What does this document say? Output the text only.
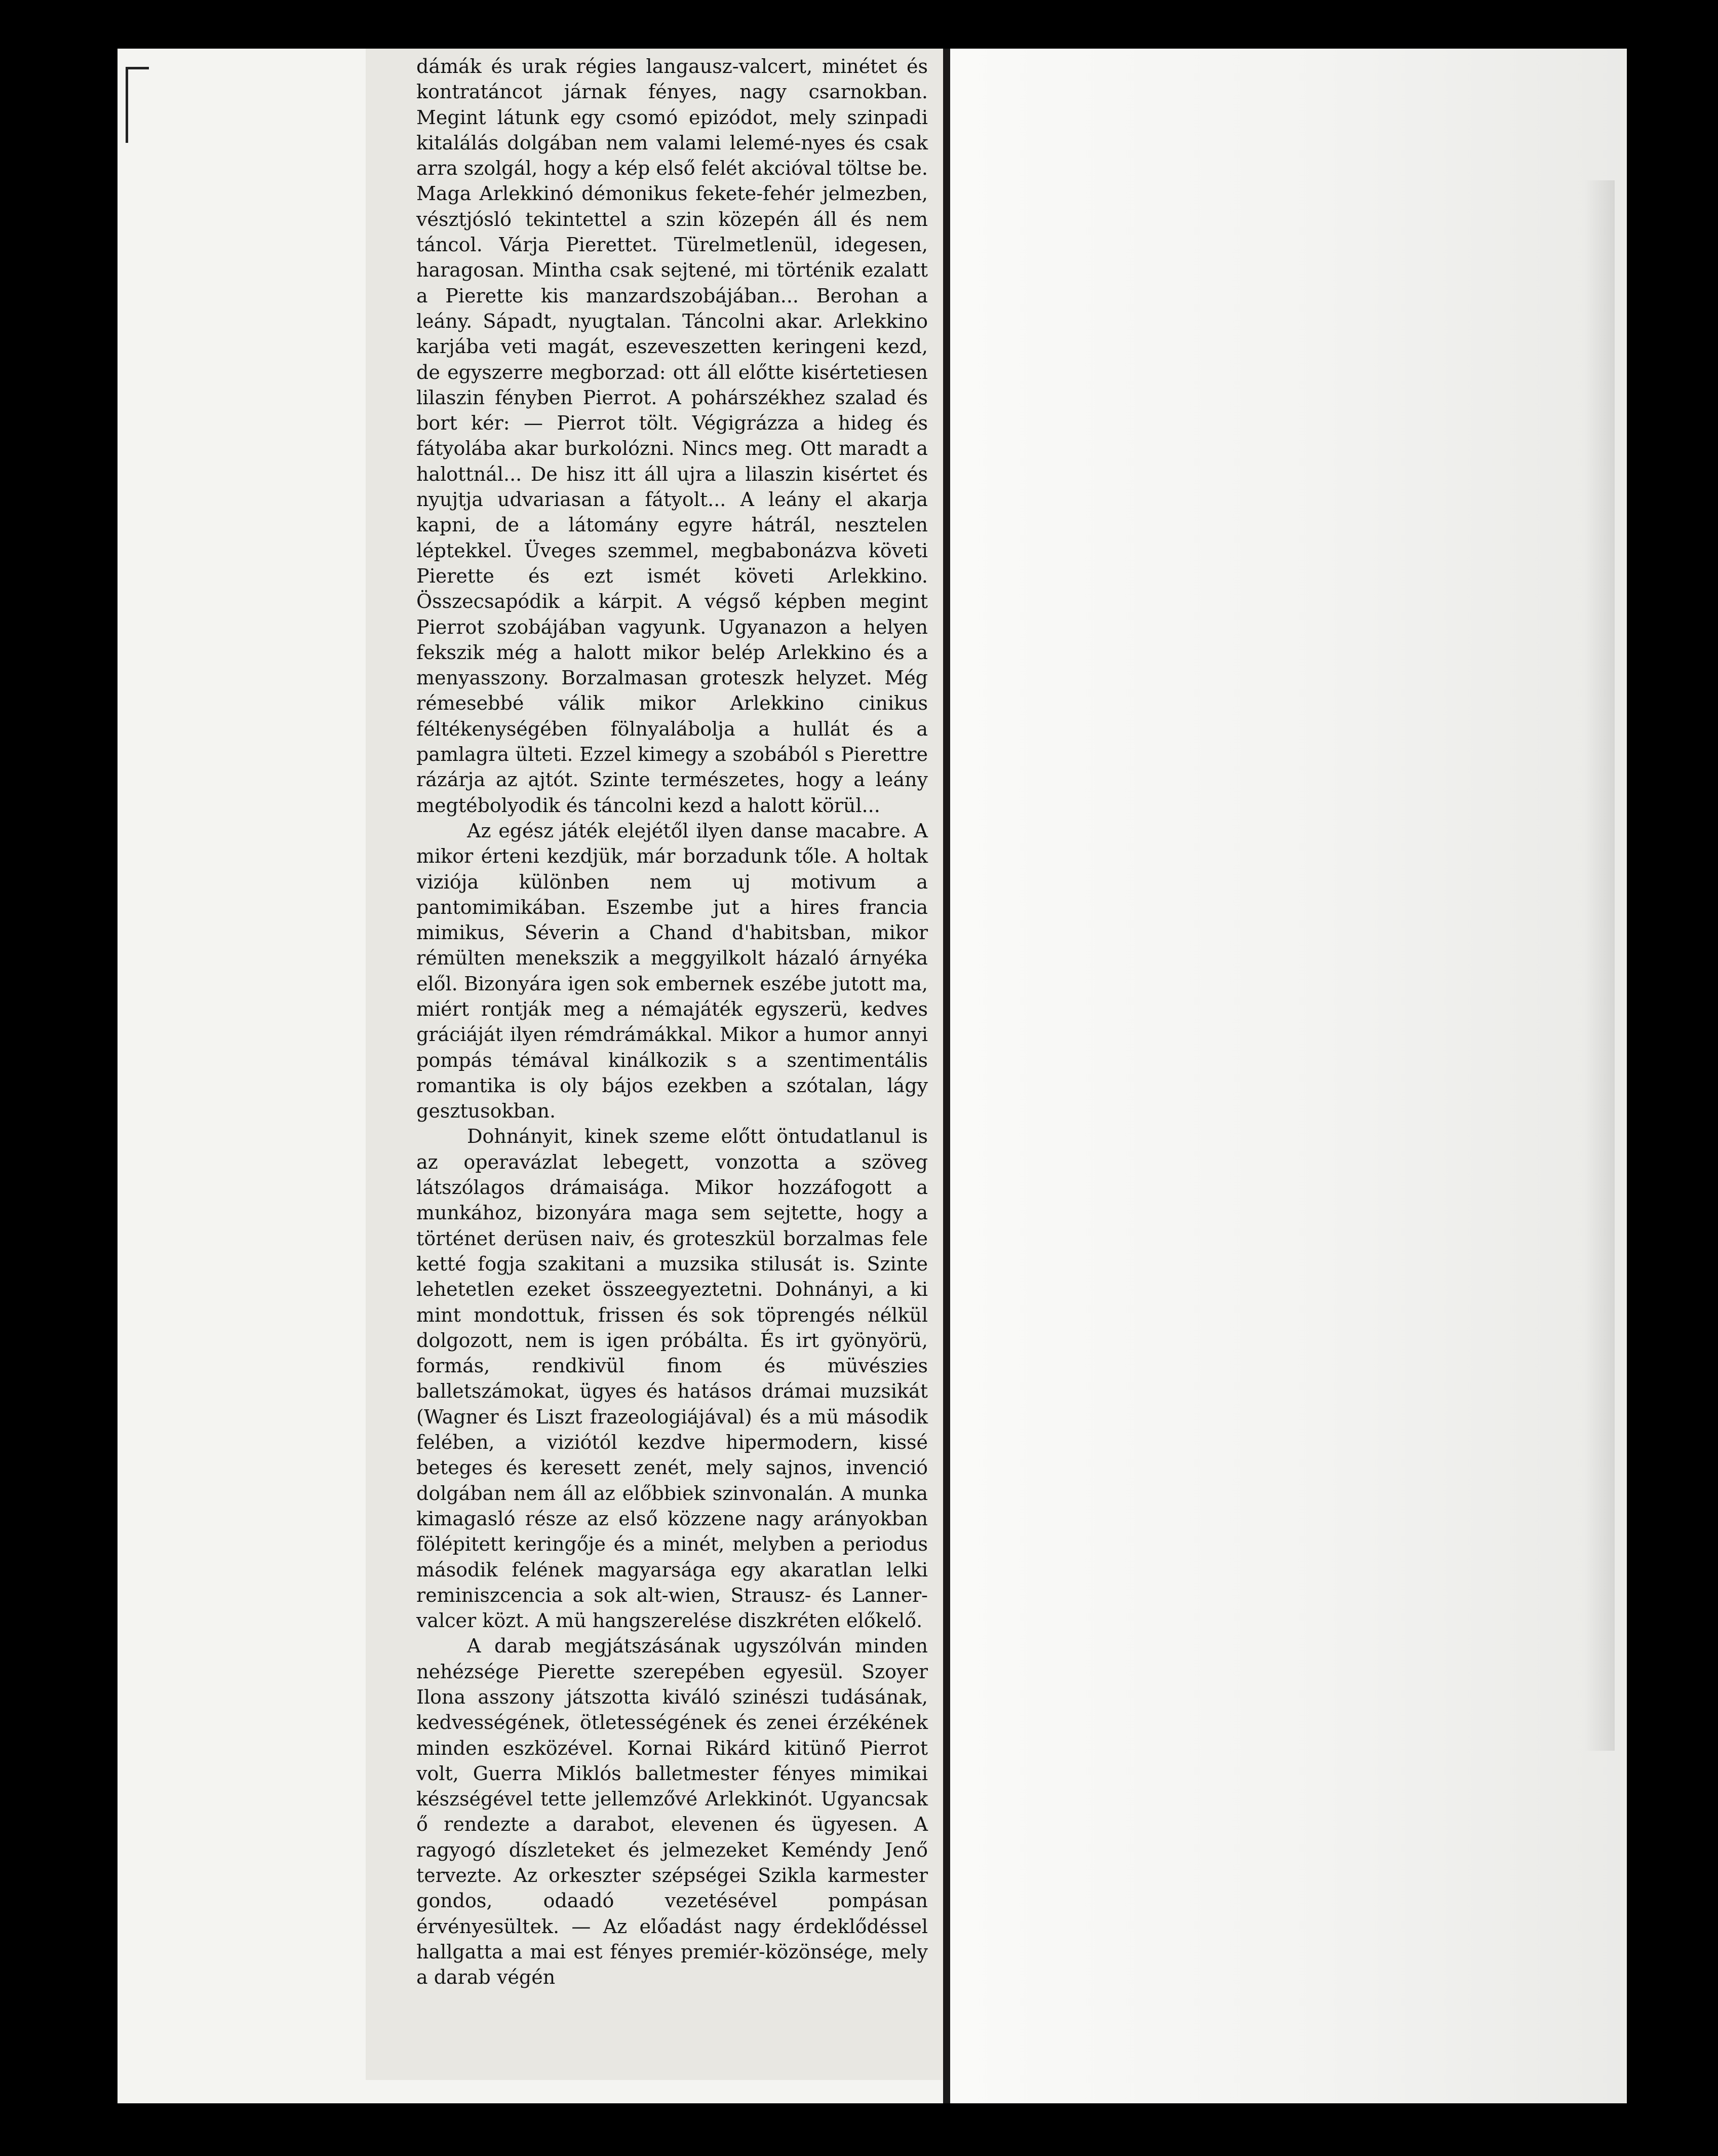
dámák és urak régies langausz-valcert, minétet és kontratáncot járnak fényes, nagy csarnokban. Megint látunk egy csomó epizódot, mely szinpadi kitalálás dolgában nem valami lelemé-nyes és csak arra szolgál, hogy a kép első felét akcióval töltse be. Maga Arlekkinó démonikus fekete-fehér jelmezben, vésztjósló tekintettel a szin közepén áll és nem táncol. Várja Pierettet. Türelmetlenül, idegesen, haragosan. Mintha csak sejtené, mi történik ezalatt a Pierette kis manzardszobájában... Berohan a leány. Sápadt, nyugtalan. Táncolni akar. Arlekkino karjába veti magát, eszeveszetten keringeni kezd, de egyszerre megborzad: ott áll előtte kisértetiesen lilaszin fényben Pierrot. A pohárszékhez szalad és bort kér: — Pierrot tölt. Végigrázza a hideg és fátyolába akar burkolózni. Nincs meg. Ott maradt a halottnál... De hisz itt áll ujra a lilaszin kisértet és nyujtja udvariasan a fátyolt... A leány el akarja kapni, de a látomány egyre hátrál, nesztelen léptekkel. Üveges szemmel, megbabonázva követi Pierette és ezt ismét követi Arlekkino. Összecsapódik a kárpit. A végső képben megint Pierrot szobájában vagyunk. Ugyanazon a helyen fekszik még a halott mikor belép Arlekkino és a menyasszony. Borzalmasan groteszk helyzet. Még rémesebbé válik mikor Arlekkino cinikus féltékenységében fölnyalábolja a hullát és a pamlagra ülteti. Ezzel kimegy a szobából s Pierettre rázárja az ajtót. Szinte természetes, hogy a leány megtébolyodik és táncolni kezd a halott körül...

Az egész játék elejétől ilyen danse macabre. A mikor érteni kezdjük, már borzadunk tőle. A holtak viziója különben nem uj motivum a pantomimikában. Eszembe jut a hires francia mimikus, Séverin a Chand d'habitsban, mikor rémülten menekszik a meggyilkolt házaló árnyéka elől. Bizonyára igen sok embernek eszébe jutott ma, miért rontják meg a némajáték egyszerü, kedves gráciáját ilyen rémdrámákkal. Mikor a humor annyi pompás témával kinálkozik s a szentimentális romantika is oly bájos ezekben a szótalan, lágy gesztusokban.

Dohnányit, kinek szeme előtt öntudatlanul is az operavázlat lebegett, vonzotta a szöveg látszólagos drámaisága. Mikor hozzáfogott a munkához, bizonyára maga sem sejtette, hogy a történet derüsen naiv, és groteszkül borzalmas fele ketté fogja szakitani a muzsika stilusát is. Szinte lehetetlen ezeket összeegyeztetni. Dohnányi, a ki mint mondottuk, frissen és sok töprengés nélkül dolgozott, nem is igen próbálta. És irt gyönyörü, formás, rendkivül finom és müvészies balletszámokat, ügyes és hatásos drámai muzsikát (Wagner és Liszt frazeologiájával) és a mü második felében, a viziótól kezdve hipermodern, kissé beteges és keresett zenét, mely sajnos, invenció dolgában nem áll az előbbiek szinvonalán. A munka kimagasló része az első közzene nagy arányokban fölépitett keringője és a minét, melyben a periodus második felének magyarsága egy akaratlan lelki reminiszcencia a sok alt-wien, Strausz- és Lanner-valcer közt. A mü hangszerelése diszkréten előkelő.

A darab megjátszásának ugyszólván minden nehézsége Pierette szerepében egyesül. Szoyer Ilona asszony játszotta kiváló szinészi tudásának, kedvességének, ötletességének és zenei érzékének minden eszközével. Kornai Rikárd kitünő Pierrot volt, Guerra Miklós balletmester fényes mimikai készségével tette jellemzővé Arlekkinót. Ugyancsak ő rendezte a darabot, elevenen és ügyesen. A ragyogó díszleteket és jelmezeket Keméndy Jenő tervezte. Az orkeszter szépségei Szikla karmester gondos, odaadó vezetésével pompásan érvényesültek. — Az előadást nagy érdeklődéssel hallgatta a mai est fényes premiér-közönsége, mely a darab végén
